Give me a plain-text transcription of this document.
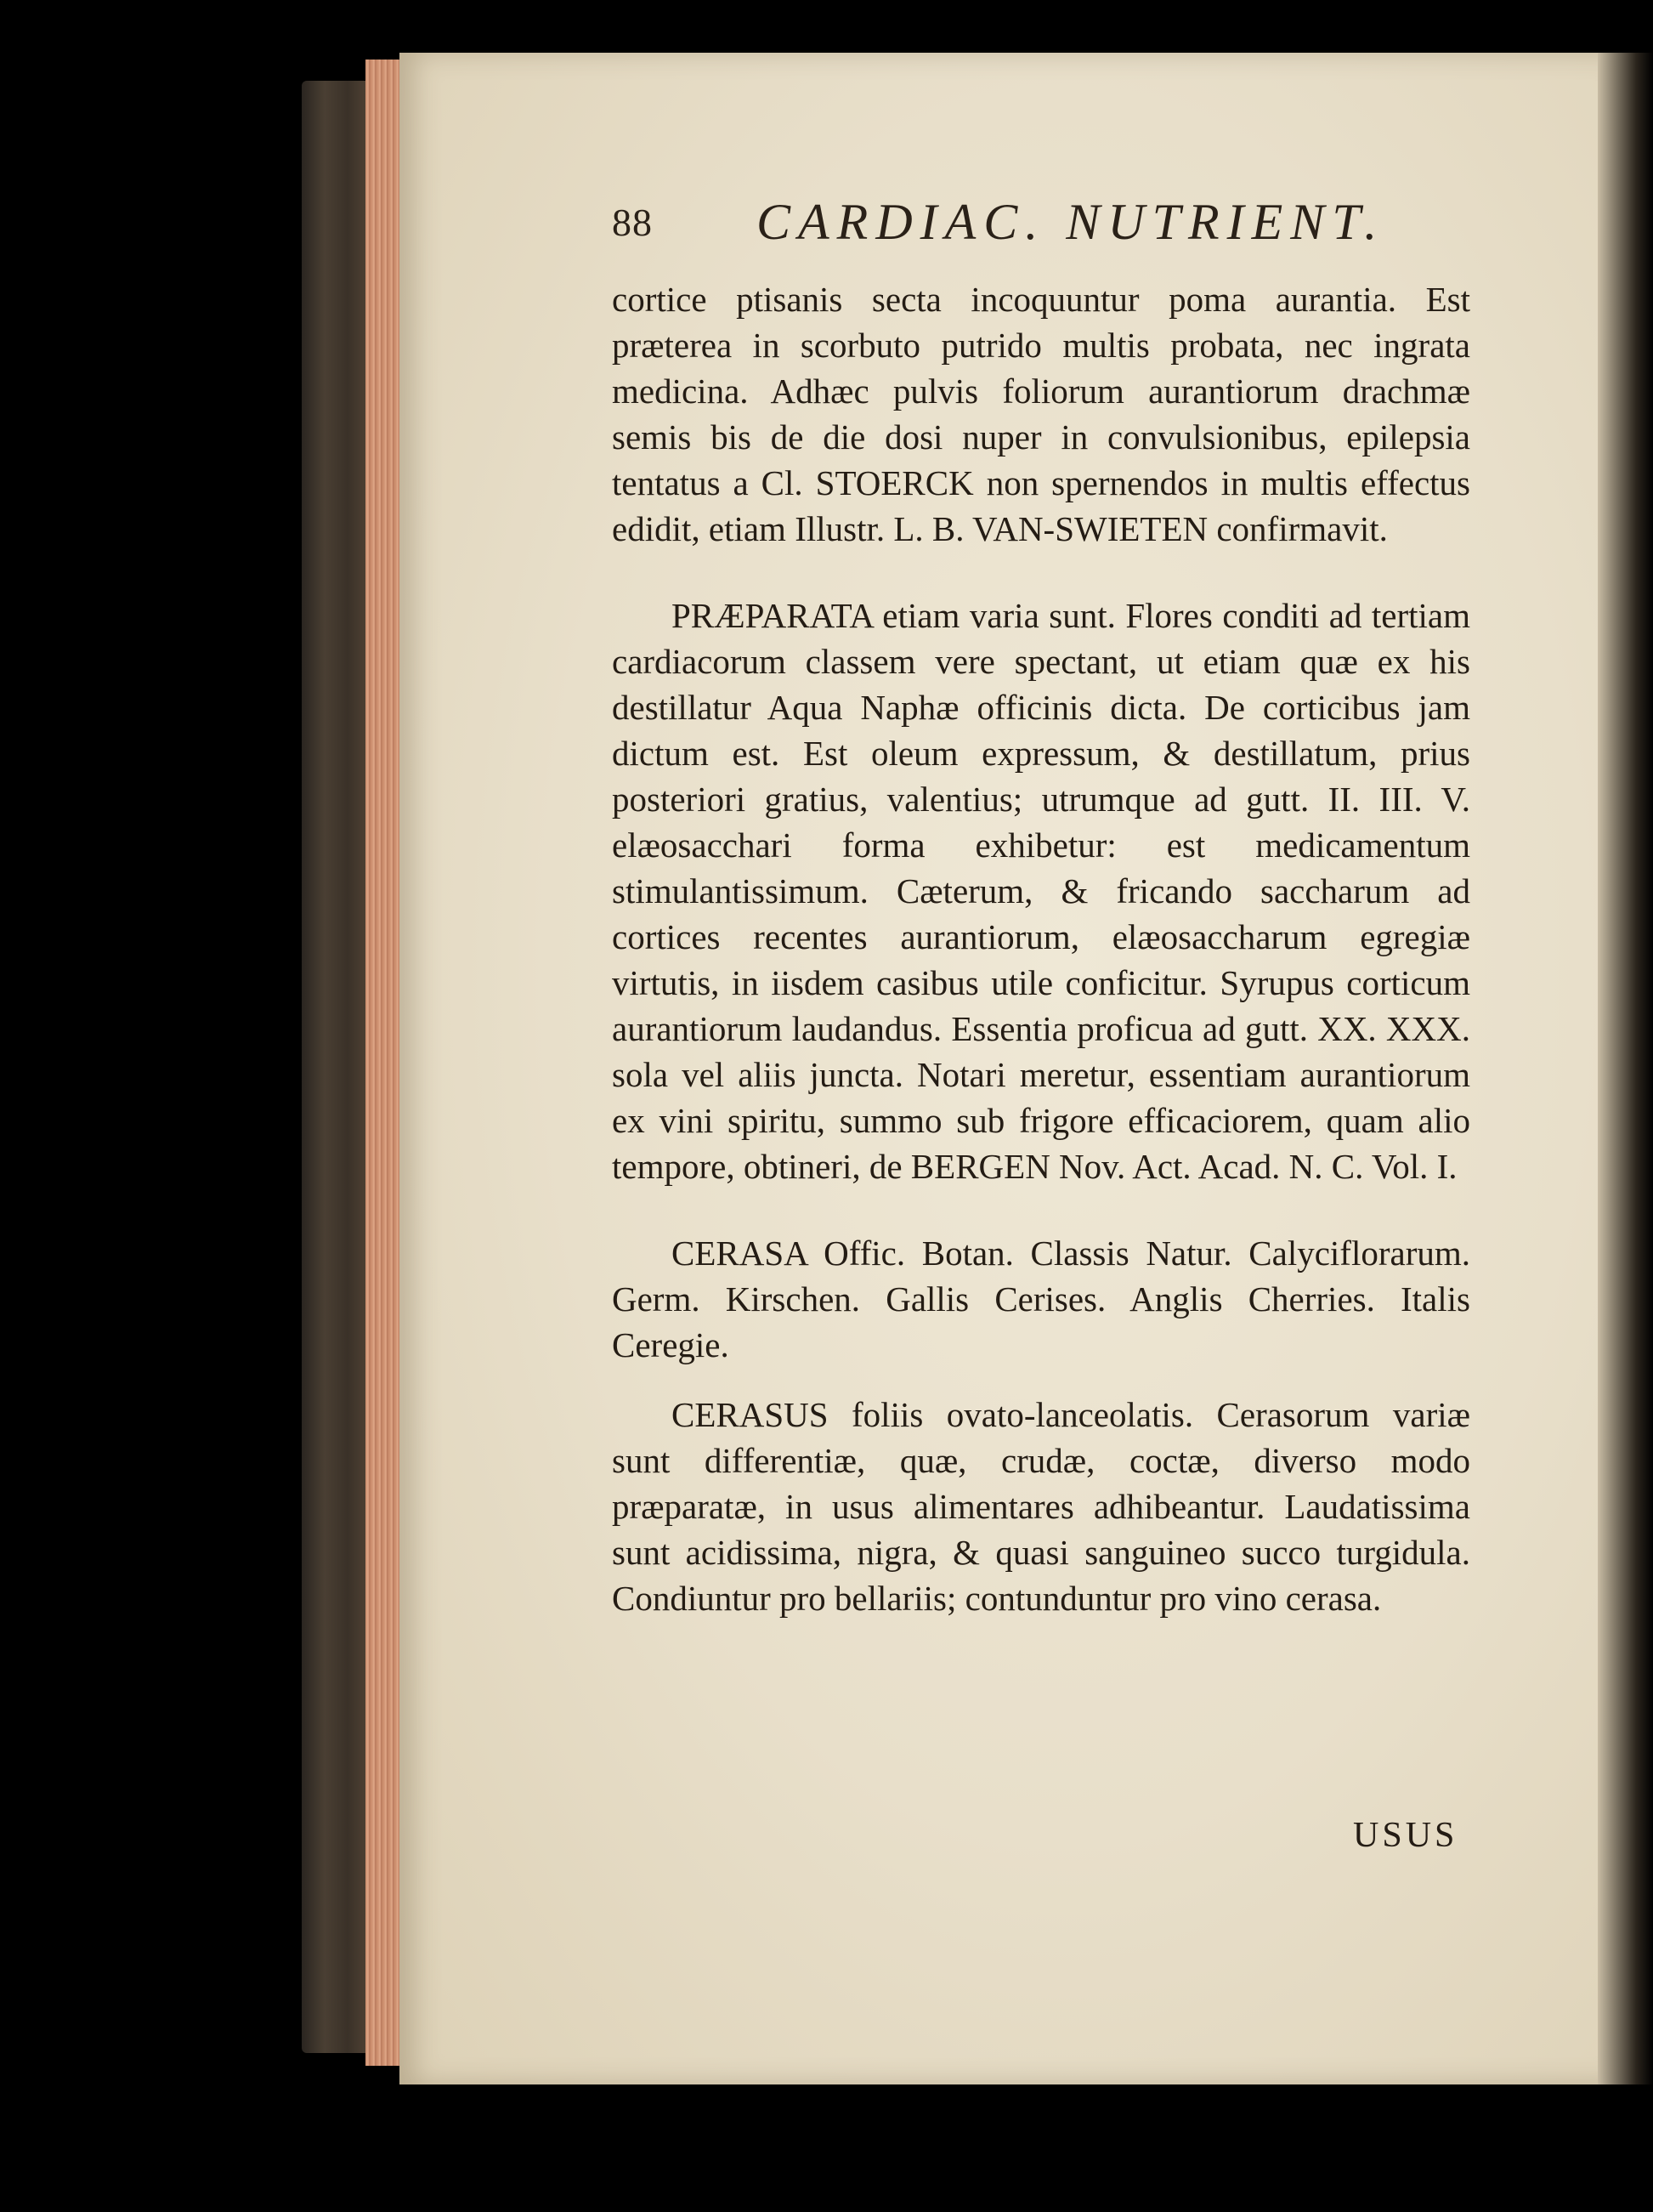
88 CARDIAC. NUTRIENT.

cortice ptisanis secta incoquuntur poma aurantia. Est præterea in scorbuto putrido multis probata, nec ingrata medicina. Adhæc pulvis foliorum aurantiorum drachmæ semis bis de die dosi nuper in convulsionibus, epilepsia tentatus a Cl. STOERCK non spernendos in multis effectus edidit, etiam Illustr. L. B. VAN-SWIETEN confirmavit.

PRÆPARATA etiam varia sunt. Flores conditi ad tertiam cardiacorum classem vere spectant, ut etiam quæ ex his destillatur Aqua Naphæ officinis dicta. De corticibus jam dictum est. Est oleum expressum, & destillatum, prius posteriori gratius, valentius; utrumque ad gutt. II. III. V. elæosacchari forma exhibetur: est medicamentum stimulantissimum. Cæterum, & fricando saccharum ad cortices recentes aurantiorum, elæosaccharum egregiæ virtutis, in iisdem casibus utile conficitur. Syrupus corticum aurantiorum laudandus. Essentia proficua ad gutt. XX. XXX. sola vel aliis juncta. Notari meretur, essentiam aurantiorum ex vini spiritu, summo sub frigore efficaciorem, quam alio tempore, obtineri, de BERGEN Nov. Act. Acad. N. C. Vol. I.

CERASA Offic. Botan. Classis Natur. Calyciflorarum. Germ. Kirschen. Gallis Cerises. Anglis Cherries. Italis Ceregie.

CERASUS foliis ovato-lanceolatis. Cerasorum variæ sunt differentiæ, quæ, crudæ, coctæ, diverso modo præparatæ, in usus alimentares adhibeantur. Laudatissima sunt acidissima, nigra, & quasi sanguineo succo turgidula. Condiuntur pro bellariis; contunduntur pro vino cerasa.

USUS
